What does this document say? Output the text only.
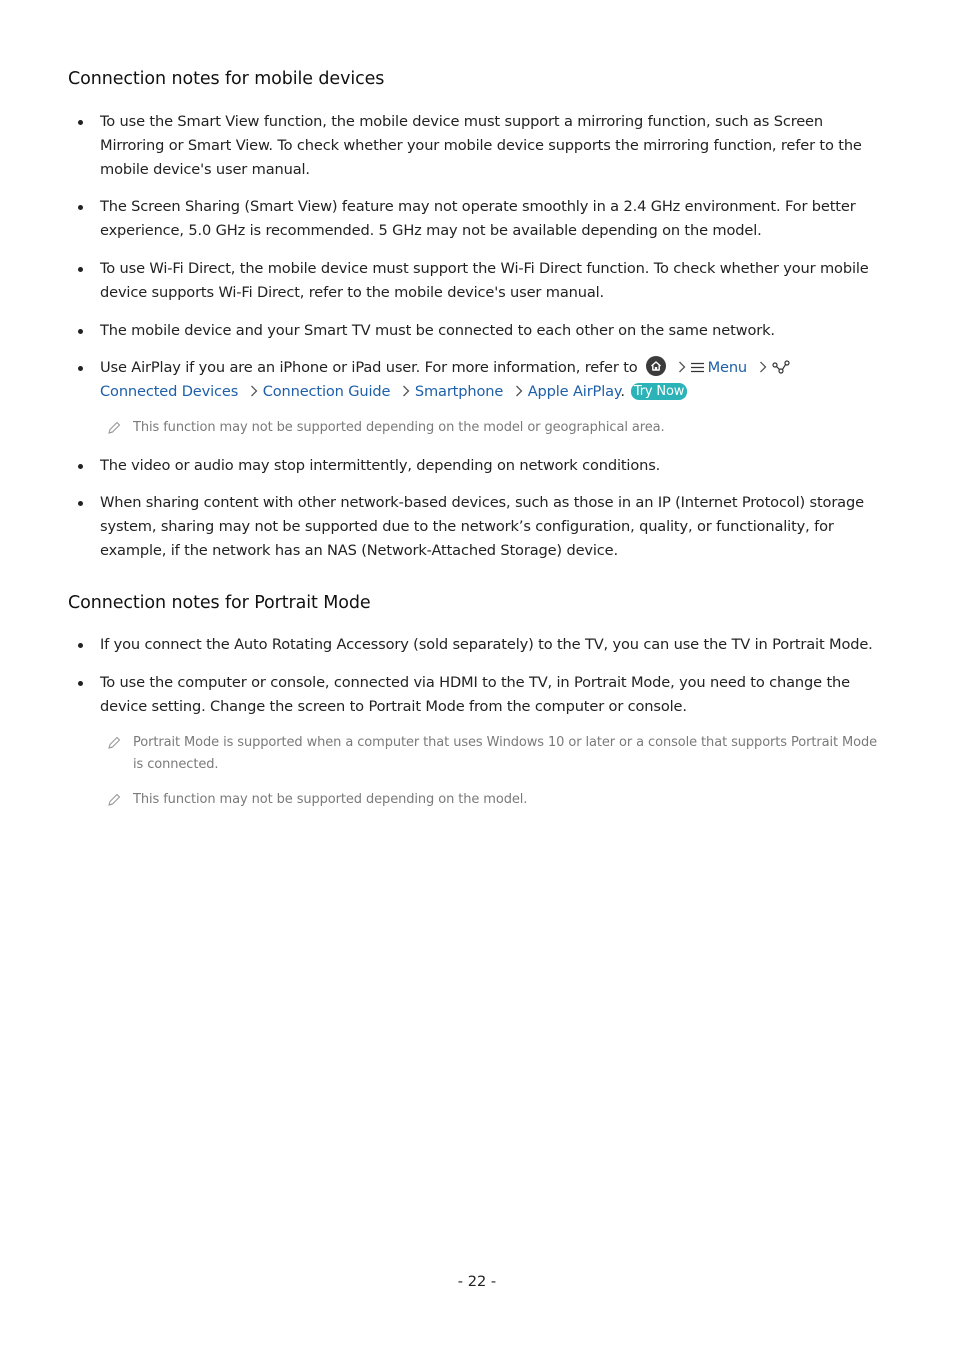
Connection notes for mobile devices
To use the Smart View function, the mobile device must support a mirroring function, such as Screen Mirroring or Smart View. To check whether your mobile device supports the mirroring function, refer to the mobile device's user manual.
The Screen Sharing (Smart View) feature may not operate smoothly in a 2.4 GHz environment. For better experience, 5.0 GHz is recommended. 5 GHz may not be available depending on the model.
To use Wi-Fi Direct, the mobile device must support the Wi-Fi Direct function. To check whether your mobile device supports Wi-Fi Direct, refer to the mobile device's user manual.
The mobile device and your Smart TV must be connected to each other on the same network.
Use AirPlay if you are an iPhone or iPad user. For more information, refer to	Menu Connected Devices Connection Guide Smartphone Apple AirPlay. Try Now
This function may not be supported depending on the model or geographical area.
The video or audio may stop intermittently, depending on network conditions.
When sharing content with other network-based devices, such as those in an IP (Internet Protocol) storage system, sharing may not be supported due to the network’s configuration, quality, or functionality, for example, if the network has an NAS (Network-Attached Storage) device.
Connection notes for Portrait Mode
If you connect the Auto Rotating Accessory (sold separately) to the TV, you can use the TV in Portrait Mode.
To use the computer or console, connected via HDMI to the TV, in Portrait Mode, you need to change the device setting. Change the screen to Portrait Mode from the computer or console.
Portrait Mode is supported when a computer that uses Windows 10 or later or a console that supports Portrait Mode is connected.
This function may not be supported depending on the model.
- 22 -
